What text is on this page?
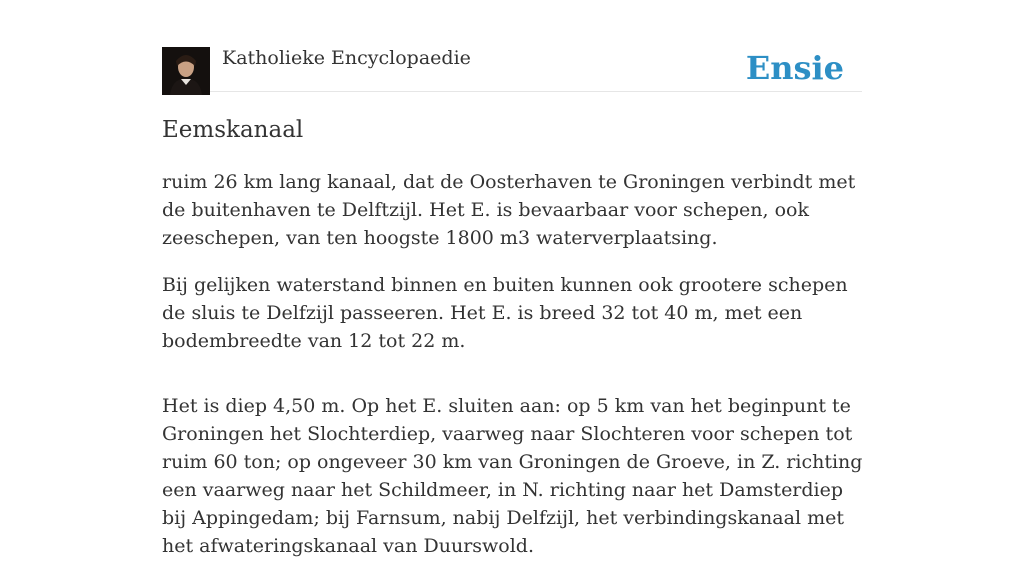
Katholieke Encyclopaedie	Ensie
Eemskanaal

ruim 26 km lang kanaal, dat de Oosterhaven te Groningen verbindt met de buitenhaven te Delftzijl. Het E. is bevaarbaar voor schepen, ook zeeschepen, van ten hoogste 1800 m3 waterverplaatsing.

Bij gelijken waterstand binnen en buiten kunnen ook grootere schepen de sluis te Delfzijl passeeren. Het E. is breed 32 tot 40 m, met een bodembreedte van 12 tot 22 m.

Het is diep 4,50 m. Op het E. sluiten aan: op 5 km van het beginpunt te Groningen het Slochterdiep, vaarweg naar Slochteren voor schepen tot ruim 60 ton; op ongeveer 30 km van Groningen de Groeve, in Z. richting een vaarweg naar het Schildmeer, in N. richting naar het Damsterdiep bij Appingedam; bij Farnsum, nabij Delfzijl, het verbindingskanaal met het afwateringskanaal van Duurswold.
